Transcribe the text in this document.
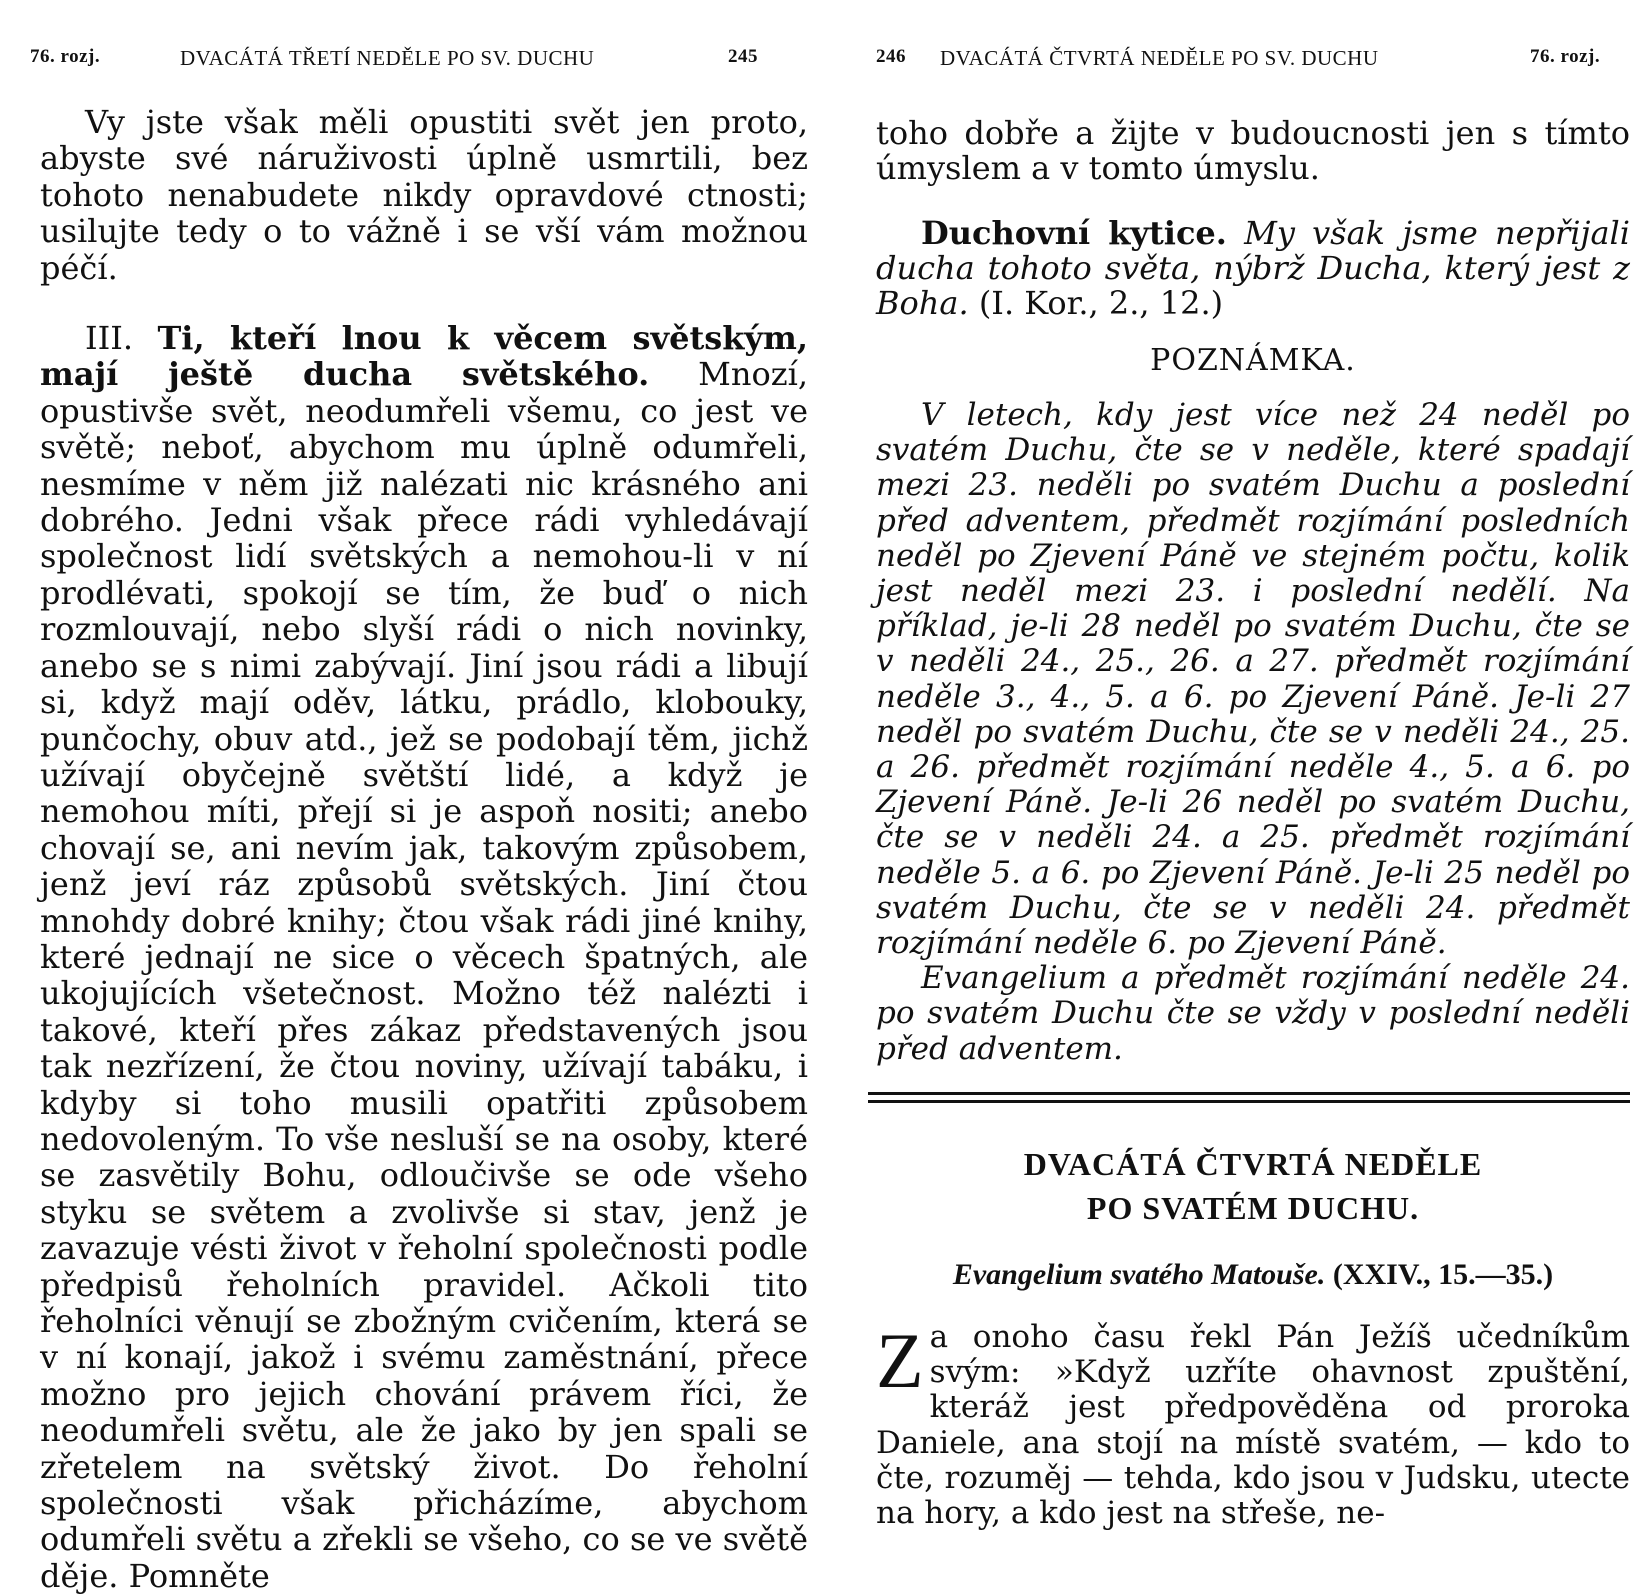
76. rozj.	DVACÁTÁ TŘETÍ NEDĚLE PO SV. DUCHU	245

Vy jste však měli opustiti svět jen proto, abyste své náruživosti úplně usmrtili, bez tohoto nenabudete nikdy opravdové ctnosti; usilujte tedy o to vážně i se vší vám možnou péčí.

III. Ti, kteří lnou k věcem světským, mají ještě ducha světského. Mnozí, opustivše svět, neodumřeli všemu, co jest ve světě; neboť, abychom mu úplně odumřeli, nesmíme v něm již nalézati nic krásného ani dobrého. Jedni však přece rádi vyhledávají společnost lidí světských a nemohou-li v ní prodlévati, spokojí se tím, že buď o nich rozmlouvají, nebo slyší rádi o nich novinky, anebo se s nimi zabývají. Jiní jsou rádi a libují si, když mají oděv, látku, prádlo, klobouky, punčochy, obuv atd., jež se podobají těm, jichž užívají obyčejně světští lidé, a když je nemohou míti, přejí si je aspoň nositi; anebo chovají se, ani nevím jak, takovým způsobem, jenž jeví ráz způsobů světských. Jiní čtou mnohdy dobré knihy; čtou však rádi jiné knihy, které jednají ne sice o věcech špatných, ale ukojujících všetečnost. Možno též nalézti i takové, kteří přes zákaz představených jsou tak nezřízení, že čtou noviny, užívají tabáku, i kdyby si toho musili opatřiti způsobem nedovoleným. To vše nesluší se na osoby, které se zasvětily Bohu, odloučivše se ode všeho styku se světem a zvolivše si stav, jenž je zavazuje vésti život v řeholní společnosti podle předpisů řeholních pravidel. Ačkoli tito řeholníci věnují se zbožným cvičením, která se v ní konají, jakož i svému zaměstnání, přece možno pro jejich chování právem říci, že neodumřeli světu, ale že jako by jen spali se zřetelem na světský život. Do řeholní společnosti však přicházíme, abychom odumřeli světu a zřekli se všeho, co se ve světě děje. Pomněte

246 DVACÁTÁ ČTVRTÁ NEDĚLE PO SV. DUCHU	76. rozj.

toho dobře a žijte v budoucnosti jen s tímto úmyslem a v tomto úmyslu.

Duchovní kytice. My však jsme nepřijali ducha tohoto světa, nýbrž Ducha, který jest z Boha. (I. Kor., 2., 12.)

POZNÁMKA.

V letech, kdy jest více než 24 neděl po svatém Duchu, čte se v neděle, které spadají mezi 23. neděli po svatém Duchu a poslední před adventem, předmět rozjímání posledních neděl po Zjevení Páně ve stejném počtu, kolik jest neděl mezi 23. i poslední nedělí. Na příklad, je-li 28 neděl po svatém Duchu, čte se v neděli 24., 25., 26. a 27. předmět rozjímání neděle 3., 4., 5. a 6. po Zjevení Páně. Je-li 27 neděl po svatém Duchu, čte se v neděli 24., 25. a 26. předmět rozjímání neděle 4., 5. a 6. po Zjevení Páně. Je-li 26 neděl po svatém Duchu, čte se v neděli 24. a 25. předmět rozjímání neděle 5. a 6. po Zjevení Páně. Je-li 25 neděl po svatém Duchu, čte se v neděli 24. předmět rozjímání neděle 6. po Zjevení Páně.

Evangelium a předmět rozjímání neděle 24. po svatém Duchu čte se vždy v poslední neděli před adventem.

DVACÁTÁ ČTVRTÁ NEDĚLE
PO SVATÉM DUCHU.
Evangelium svatého Matouše. (XXIV., 15.—35.)
Z a onoho času řekl Pán Ježíš učedníkům svým: »Když uzříte ohavnost zpuštění, kteráž jest předpověděna od proroka Daniele, ana stojí na místě svatém, — kdo to čte, rozuměj — tehda, kdo jsou v Judsku, utecte na hory, a kdo jest na střeše, ne-
